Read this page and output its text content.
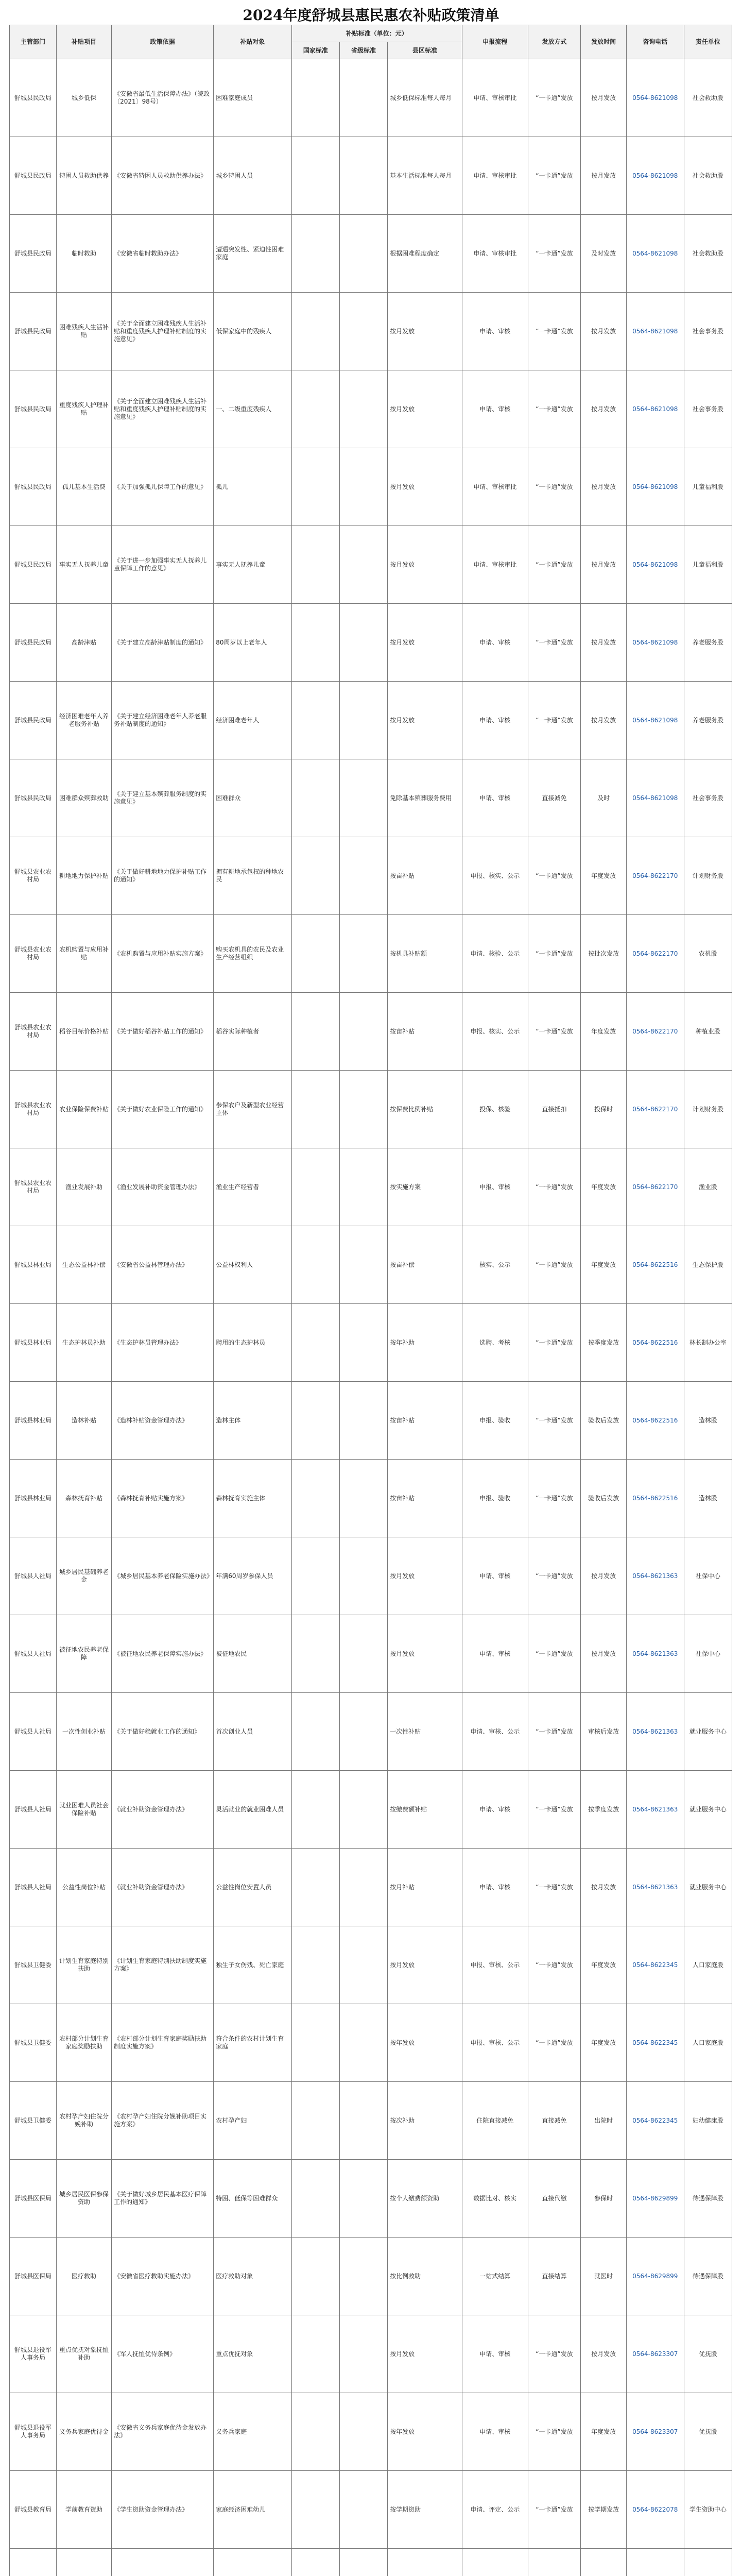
2024年度舒城县惠民惠农补贴政策清单
主管部门	补贴项目	政策依据	补贴对象	补贴标准（单位：元）			申报流程	发放方式	发放时间	咨询电话	责任单位
				国家标准	省级标准	县区标准					
舒城县民政局	城乡低保	《安徽省最低生活保障办法》（皖政〔2021〕98号）	困难家庭成员			城乡低保标准每人每月	申请、审核审批	“一卡通”发放	按月发放	0564-8621098	社会救助股
舒城县民政局	特困人员救助供养	《安徽省特困人员救助供养办法》	城乡特困人员			基本生活标准每人每月	申请、审核审批	“一卡通”发放	按月发放	0564-8621098	社会救助股
舒城县民政局	临时救助	《安徽省临时救助办法》	遭遇突发性、紧迫性困难家庭			根据困难程度确定	申请、审核审批	“一卡通”发放	及时发放	0564-8621098	社会救助股
舒城县民政局	困难残疾人生活补贴	《关于全面建立困难残疾人生活补贴和重度残疾人护理补贴制度的实施意见》	低保家庭中的残疾人			按月发放	申请、审核	“一卡通”发放	按月发放	0564-8621098	社会事务股
舒城县民政局	重度残疾人护理补贴	《关于全面建立困难残疾人生活补贴和重度残疾人护理补贴制度的实施意见》	一、二级重度残疾人			按月发放	申请、审核	“一卡通”发放	按月发放	0564-8621098	社会事务股
舒城县民政局	孤儿基本生活费	《关于加强孤儿保障工作的意见》	孤儿			按月发放	申请、审核审批	“一卡通”发放	按月发放	0564-8621098	儿童福利股
舒城县民政局	事实无人抚养儿童	《关于进一步加强事实无人抚养儿童保障工作的意见》	事实无人抚养儿童			按月发放	申请、审核审批	“一卡通”发放	按月发放	0564-8621098	儿童福利股
舒城县民政局	高龄津贴	《关于建立高龄津贴制度的通知》	80周岁以上老年人			按月发放	申请、审核	“一卡通”发放	按月发放	0564-8621098	养老服务股
舒城县民政局	经济困难老年人养老服务补贴	《关于建立经济困难老年人养老服务补贴制度的通知》	经济困难老年人			按月发放	申请、审核	“一卡通”发放	按月发放	0564-8621098	养老服务股
舒城县民政局	困难群众殡葬救助	《关于建立基本殡葬服务制度的实施意见》	困难群众			免除基本殡葬服务费用	申请、审核	直接减免	及时	0564-8621098	社会事务股
舒城县农业农村局	耕地地力保护补贴	《关于做好耕地地力保护补贴工作的通知》	拥有耕地承包权的种地农民			按亩补贴	申报、核实、公示	“一卡通”发放	年度发放	0564-8622170	计划财务股
舒城县农业农村局	农机购置与应用补贴	《农机购置与应用补贴实施方案》	购买农机具的农民及农业生产经营组织			按机具补贴额	申请、核验、公示	“一卡通”发放	按批次发放	0564-8622170	农机股
舒城县农业农村局	稻谷目标价格补贴	《关于做好稻谷补贴工作的通知》	稻谷实际种植者			按亩补贴	申报、核实、公示	“一卡通”发放	年度发放	0564-8622170	种植业股
舒城县农业农村局	农业保险保费补贴	《关于做好农业保险工作的通知》	参保农户及新型农业经营主体			按保费比例补贴	投保、核验	直接抵扣	投保时	0564-8622170	计划财务股
舒城县农业农村局	渔业发展补助	《渔业发展补助资金管理办法》	渔业生产经营者			按实施方案	申报、审核	“一卡通”发放	年度发放	0564-8622170	渔业股
舒城县林业局	生态公益林补偿	《安徽省公益林管理办法》	公益林权利人			按亩补偿	核实、公示	“一卡通”发放	年度发放	0564-8622516	生态保护股
舒城县林业局	生态护林员补助	《生态护林员管理办法》	聘用的生态护林员			按年补助	选聘、考核	“一卡通”发放	按季度发放	0564-8622516	林长制办公室
舒城县林业局	造林补贴	《造林补贴资金管理办法》	造林主体			按亩补贴	申报、验收	“一卡通”发放	验收后发放	0564-8622516	造林股
舒城县林业局	森林抚育补贴	《森林抚育补贴实施方案》	森林抚育实施主体			按亩补贴	申报、验收	“一卡通”发放	验收后发放	0564-8622516	造林股
舒城县人社局	城乡居民基础养老金	《城乡居民基本养老保险实施办法》	年满60周岁参保人员			按月发放	申请、审核	“一卡通”发放	按月发放	0564-8621363	社保中心
舒城县人社局	被征地农民养老保障	《被征地农民养老保障实施办法》	被征地农民			按月发放	申请、审核	“一卡通”发放	按月发放	0564-8621363	社保中心
舒城县人社局	一次性创业补贴	《关于做好稳就业工作的通知》	首次创业人员			一次性补贴	申请、审核、公示	“一卡通”发放	审核后发放	0564-8621363	就业服务中心
舒城县人社局	就业困难人员社会保险补贴	《就业补助资金管理办法》	灵活就业的就业困难人员			按缴费额补贴	申请、审核	“一卡通”发放	按季度发放	0564-8621363	就业服务中心
舒城县人社局	公益性岗位补贴	《就业补助资金管理办法》	公益性岗位安置人员			按月补贴	申请、审核	“一卡通”发放	按月发放	0564-8621363	就业服务中心
舒城县卫健委	计划生育家庭特别扶助	《计划生育家庭特别扶助制度实施方案》	独生子女伤残、死亡家庭			按月发放	申报、审核、公示	“一卡通”发放	年度发放	0564-8622345	人口家庭股
舒城县卫健委	农村部分计划生育家庭奖励扶助	《农村部分计划生育家庭奖励扶助制度实施方案》	符合条件的农村计划生育家庭			按年发放	申报、审核、公示	“一卡通”发放	年度发放	0564-8622345	人口家庭股
舒城县卫健委	农村孕产妇住院分娩补助	《农村孕产妇住院分娩补助项目实施方案》	农村孕产妇			按次补助	住院直接减免	直接减免	出院时	0564-8622345	妇幼健康股
舒城县医保局	城乡居民医保参保资助	《关于做好城乡居民基本医疗保障工作的通知》	特困、低保等困难群众			按个人缴费额资助	数据比对、核实	直接代缴	参保时	0564-8629899	待遇保障股
舒城县医保局	医疗救助	《安徽省医疗救助实施办法》	医疗救助对象			按比例救助	一站式结算	直接结算	就医时	0564-8629899	待遇保障股
舒城县退役军人事务局	重点优抚对象抚恤补助	《军人抚恤优待条例》	重点优抚对象			按月发放	申请、审核	“一卡通”发放	按月发放	0564-8623307	优抚股
舒城县退役军人事务局	义务兵家庭优待金	《安徽省义务兵家庭优待金发放办法》	义务兵家庭			按年发放	申请、审核	“一卡通”发放	年度发放	0564-8623307	优抚股
舒城县教育局	学前教育资助	《学生资助资金管理办法》	家庭经济困难幼儿			按学期资助	申请、评定、公示	“一卡通”发放	按学期发放	0564-8622078	学生资助中心
